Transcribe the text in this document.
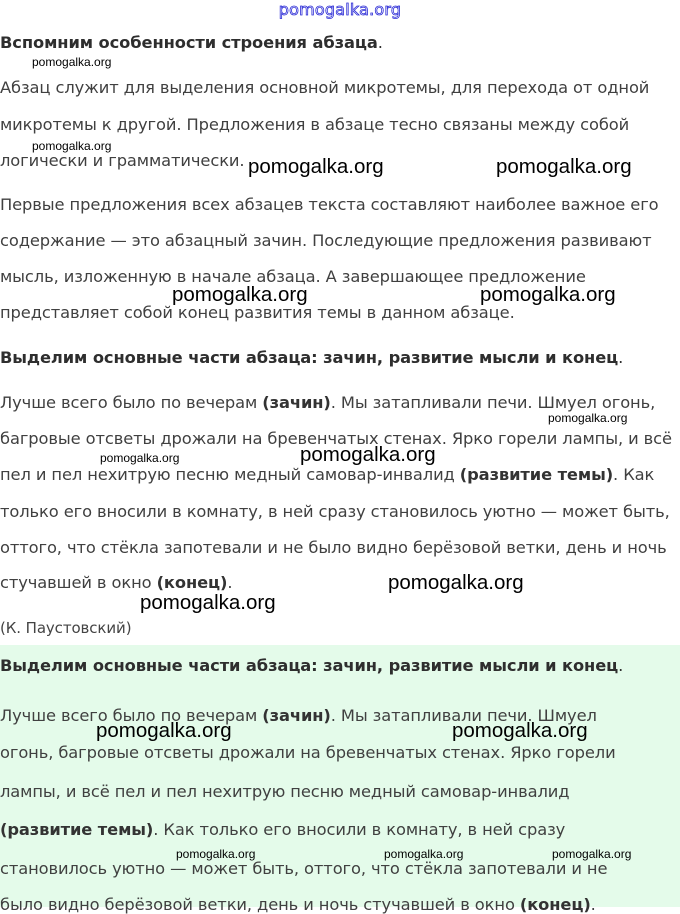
pomogalka.org
Вспомним особенности строения абзаца.
Абзац служит для выделения основной микротемы, для перехода от одной
микротемы к другой. Предложения в абзаце тесно связаны между собой
логически и грамматически.
Первые предложения всех абзацев текста составляют наиболее важное его
содержание — это абзацный зачин. Последующие предложения развивают
мысль, изложенную в начале абзаца. А завершающее предложение
представляет собой конец развития темы в данном абзаце.
Выделим основные части абзаца: зачин, развитие мысли и конец.
Лучше всего было по вечерам (зачин). Мы затапливали печи. Шмуел огонь,
багровые отсветы дрожали на бревенчатых стенах. Ярко горели лампы, и всё
пел и пел нехитрую песню медный самовар-инвалид (развитие темы). Как
только его вносили в комнату, в ней сразу становилось уютно — может быть,
оттого, что стёкла запотевали и не было видно берёзовой ветки, день и ночь
стучавшей в окно (конец).
(К. Паустовский)
Выделим основные части абзаца: зачин, развитие мысли и конец.
Лучше всего было по вечерам (зачин). Мы затапливали печи. Шмуел
огонь, багровые отсветы дрожали на бревенчатых стенах. Ярко горели
лампы, и всё пел и пел нехитрую песню медный самовар-инвалид
(развитие темы). Как только его вносили в комнату, в ней сразу
становилось уютно — может быть, оттого, что стёкла запотевали и не
было видно берёзовой ветки, день и ночь стучавшей в окно (конец).
pomogalka.org
pomogalka.org
pomogalka.org	pomogalka.org
pomogalka.org	pomogalka.org
pomogalka.org
pomogalka.org
pomogalka.org
pomogalka.org
pomogalka.org
pomogalka.org	pomogalka.org
pomogalka.org	pomogalka.org	pomogalka.org
